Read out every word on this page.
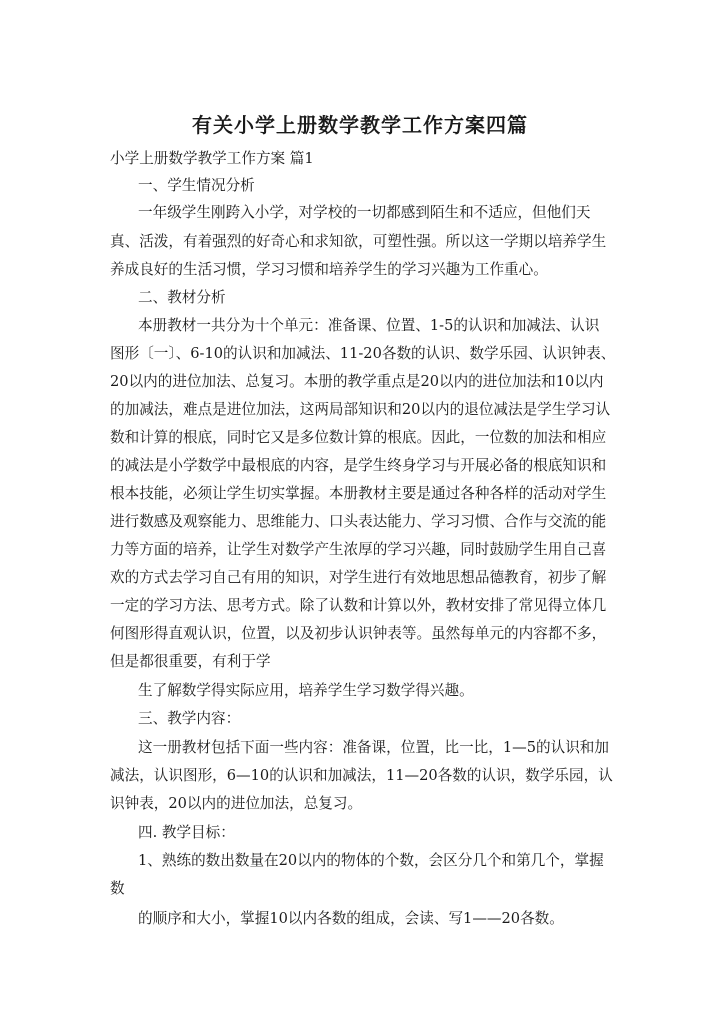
有关小学上册数学教学工作方案四篇
小学上册数学教学工作方案 篇1
一、学生情况分析
一年级学生刚跨入小学，对学校的一切都感到陌生和不适应，但他们天
真、活泼，有着强烈的好奇心和求知欲，可塑性强。所以这一学期以培养学生
养成良好的生活习惯，学习习惯和培养学生的学习兴趣为工作重心。
二、教材分析
本册教材一共分为十个单元：准备课、位置、1-5的认识和加减法、认识
图形〔一〕、6-10的认识和加减法、11-20各数的认识、数学乐园、认识钟表、
20以内的进位加法、总复习。本册的教学重点是20以内的进位加法和10以内
的加减法，难点是进位加法，这两局部知识和20以内的退位减法是学生学习认
数和计算的根底，同时它又是多位数计算的根底。因此，一位数的加法和相应
的减法是小学数学中最根底的内容，是学生终身学习与开展必备的根底知识和
根本技能，必须让学生切实掌握。本册教材主要是通过各种各样的活动对学生
进行数感及观察能力、思维能力、口头表达能力、学习习惯、合作与交流的能
力等方面的培养，让学生对数学产生浓厚的学习兴趣，同时鼓励学生用自己喜
欢的方式去学习自己有用的知识，对学生进行有效地思想品德教育，初步了解
一定的学习方法、思考方式。除了认数和计算以外，教材安排了常见得立体几
何图形得直观认识，位置，以及初步认识钟表等。虽然每单元的内容都不多，
但是都很重要，有利于学
生了解数学得实际应用，培养学生学习数学得兴趣。
三、教学内容：
这一册教材包括下面一些内容：准备课，位置，比一比，1—5的认识和加
减法，认识图形，6—10的认识和加减法，11—20各数的认识，数学乐园，认
识钟表，20以内的进位加法，总复习。
四. 教学目标：
1、熟练的数出数量在20以内的物体的个数，会区分几个和第几个，掌握
数
的顺序和大小，掌握10以内各数的组成，会读、写1——20各数。
